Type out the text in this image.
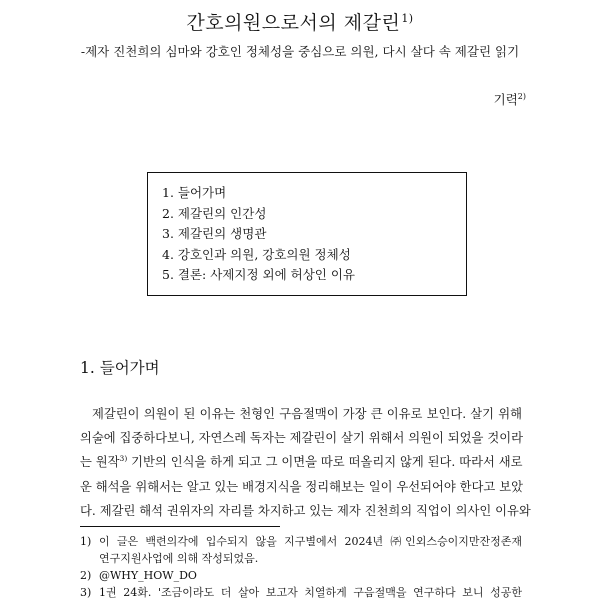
간호의원으로서의 제갈린$^{1)}$
-제자 진천희의 심마와 강호인 정체성을 중심으로 의원, 다시 살다 속 제갈린 읽기
기력$^{2)}$
1. 들어가며
2. 제갈린의 인간성
3. 제갈린의 생명관
4. 강호인과 의원, 강호의원 정체성
5. 결론: 사제지정 외에 허상인 이유
1. 들어가며
제갈린이 의원이 된 이유는 천형인 구음절맥이 가장 큰 이유로 보인다. 살기 위해
의술에 집중하다보니, 자연스레 독자는 제갈린이 살기 위해서 의원이 되었을 것이라
는 원작$^{3)}$ 기반의 인식을 하게 되고 그 이면을 따로 떠올리지 않게 된다. 따라서 새로
운 해석을 위해서는 알고 있는 배경지식을 정리해보는 일이 우선되어야 한다고 보았
다. 제갈린 해석 권위자의 자리를 차지하고 있는 제자 진천희의 직업이 의사인 이유와
1) 이 글은 백련의각에 입수되지 않을 지구별에서 2024년 ㈜인외스승이지만잔정존재
연구지원사업에 의해 작성되었음.
2) @WHY_HOW_DO
3) 1권 24화. '조금이라도 더 살아 보고자 치열하게 구음절맥을 연구하다 보니 성공한
